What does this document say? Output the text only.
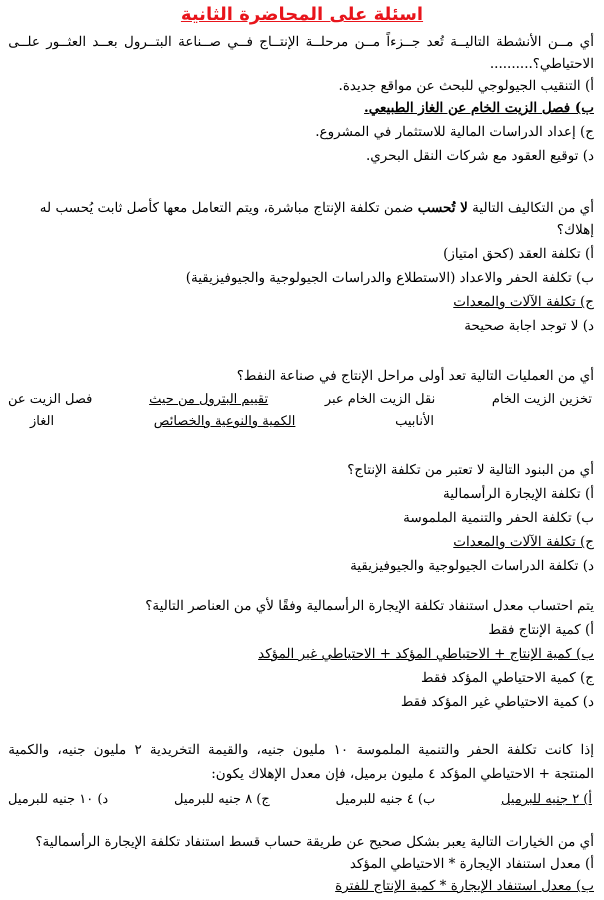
اسئلة على المحاضرة الثانية
أي
مــن
الأنشطة
التاليــة
تُعد
جــزءاً
مــن
مرحلــة
الإنتــاج
فــي
صــناعة
البتــرول
بعــد
العثــور
علــى
الاحتياطي؟..........
أ) التنقيب الجيولوجي للبحث عن مواقع جديدة.
ب) فصل الزيت الخام عن الغاز الطبيعي.
ج) إعداد الدراسات المالية للاستثمار في المشروع.
د) توقيع العقود مع شركات النقل البحري.
أي من التكاليف التالية لا تُحسب ضمن تكلفة الإنتاج مباشرة، ويتم التعامل معها كأصل ثابت يُحسب له
إهلاك؟
أ) تكلفة العقد (كحق امتياز)
ب) تكلفة الحفر والاعداد (الاستطلاع والدراسات الجيولوجية والجيوفيزيقية)
ج) تكلفة الآلات والمعدات
د) لا توجد اجابة صحيحة
أي من العمليات التالية تعد أولى مراحل الإنتاج في صناعة النفط؟
تخزين الزيت الخام
نقل الزيت الخام عبر
تقييم البترول من حيث
فصل الزيت عن
الأنابيب
الكمية والنوعية والخصائص
الغاز
أي من البنود التالية لا تعتبر من تكلفة الإنتاج؟
أ) تكلفة الإيجارة الرأسمالية
ب) تكلفة الحفر والتنمية الملموسة
ج) تكلفة الآلات والمعدات
د) تكلفة الدراسات الجيولوجية والجيوفيزيقية
يتم احتساب معدل استنفاد تكلفة الإيجارة الرأسمالية وفقًا لأي من العناصر التالية؟
أ) كمية الإنتاج فقط
ب) كمية الإنتاج + الاحتياطي المؤكد + الاحتياطي غير المؤكد
ج) كمية الاحتياطي المؤكد فقط
د) كمية الاحتياطي غير المؤكد فقط
إذا
كانت
تكلفة
الحفر
والتنمية
الملموسة
١٠
مليون
جنيه،
والقيمة
التخريدية
٢
مليون
جنيه،
والكمية
المنتجة + الاحتياطي المؤكد ٤ مليون برميل، فإن معدل الإهلاك يكون:
أ) ٢ جنيه للبرميل
ب) ٤ جنيه للبرميل
ج) ٨ جنيه للبرميل
د) ١٠ جنيه للبرميل
أي من الخيارات التالية يعبر بشكل صحيح عن طريقة حساب قسط استنفاد تكلفة الإيجارة الرأسمالية؟
أ) معدل استنفاد الإيجارة * الاحتياطي المؤكد
ب) معدل استنفاد الإيجارة * كمية الإنتاج للفترة
